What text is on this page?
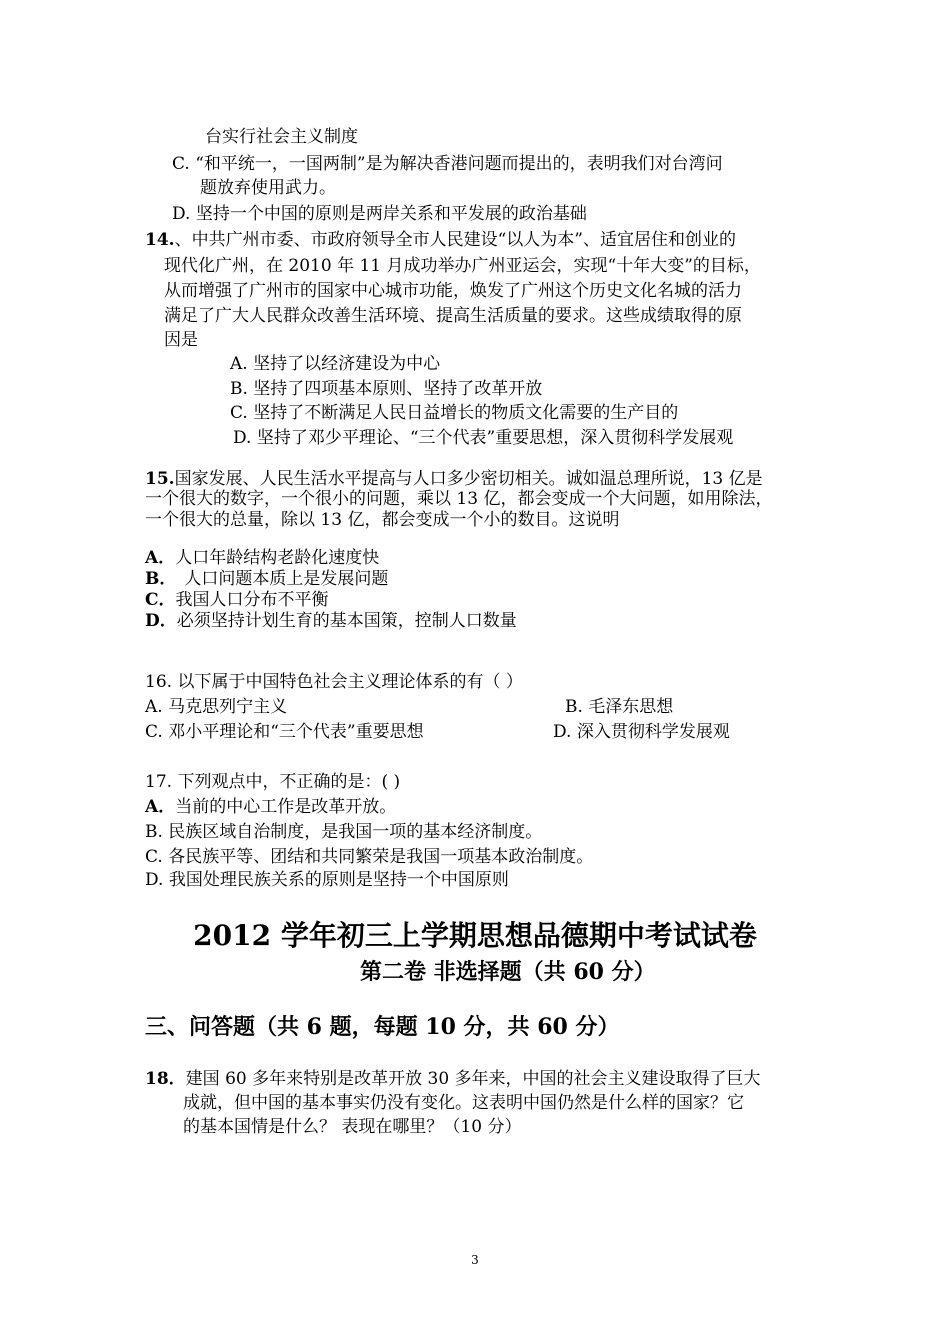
台实行社会主义制度
C. “和平统一，一国两制”是为解决香港问题而提出的，表明我们对台湾问
题放弃使用武力。
D. 坚持一个中国的原则是两岸关系和平发展的政治基础
14.、中共广州市委、市政府领导全市人民建设“以人为本”、适宜居住和创业的
现代化广州，在 2010 年 11 月成功举办广州亚运会，实现“十年大变”的目标，
从而增强了广州市的国家中心城市功能，焕发了广州这个历史文化名城的活力
满足了广大人民群众改善生活环境、提高生活质量的要求。这些成绩取得的原
因是
A. 坚持了以经济建设为中心
B. 坚持了四项基本原则、坚持了改革开放
C. 坚持了不断满足人民日益增长的物质文化需要的生产目的
D. 坚持了邓少平理论、“三个代表”重要思想，深入贯彻科学发展观
15.国家发展、人民生活水平提高与人口多少密切相关。诚如温总理所说，13 亿是
一个很大的数字，一个很小的问题，乘以 13 亿，都会变成一个大问题，如用除法，
一个很大的总量，除以 13 亿，都会变成一个小的数目。这说明
A．人口年龄结构老龄化速度快
B． 人口问题本质上是发展问题
C．我国人口分布不平衡
D．必须坚持计划生育的基本国策，控制人口数量
16. 以下属于中国特色社会主义理论体系的有（ ）
A. 马克思列宁主义	B. 毛泽东思想
C. 邓小平理论和“三个代表”重要思想	D. 深入贯彻科学发展观
17. 下列观点中，不正确的是：( )
A．当前的中心工作是改革开放。
B. 民族区域自治制度，是我国一项的基本经济制度。
C. 各民族平等、团结和共同繁荣是我国一项基本政治制度。
D. 我国处理民族关系的原则是坚持一个中国原则
2012 学年初三上学期思想品德期中考试试卷
第二卷 非选择题（共 60 分）
三、问答题（共 6 题，每题 10 分，共 60 分）
18．建国 60 多年来特别是改革开放 30 多年来，中国的社会主义建设取得了巨大
成就，但中国的基本事实仍没有变化。这表明中国仍然是什么样的国家？它
的基本国情是什么？ 表现在哪里？（10 分）
3
